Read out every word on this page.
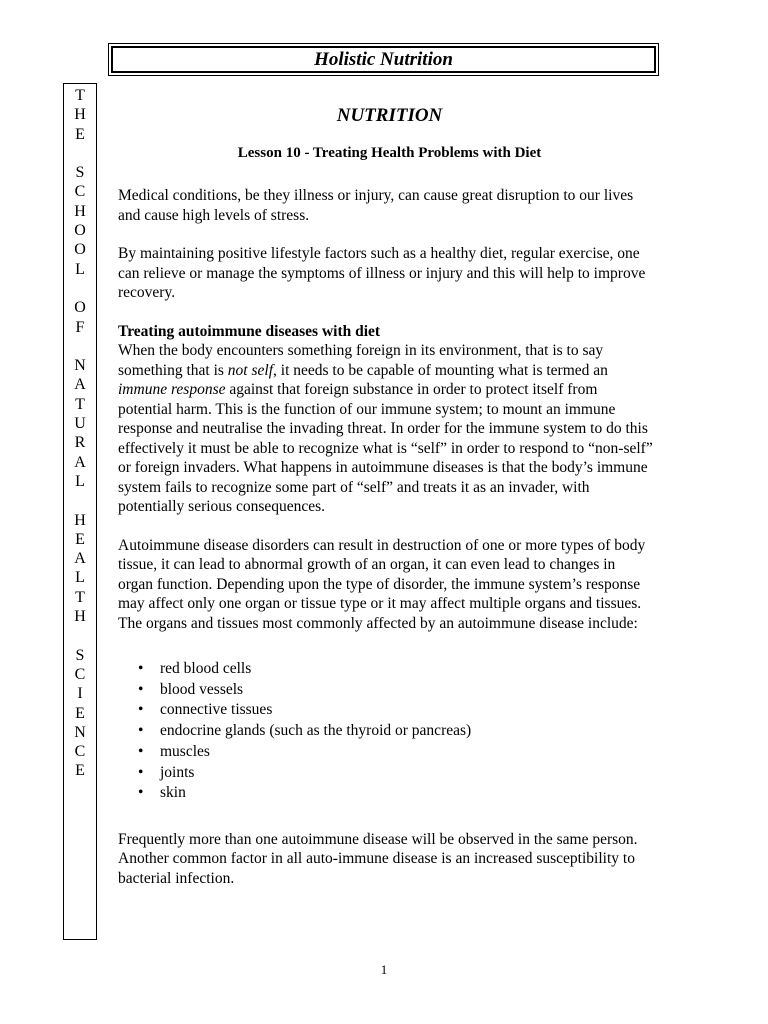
Holistic Nutrition
T
H
E
S
C
H
O
O
L
O
F
N
A
T
U
R
A
L
H
E
A
L
T
H
S
C
I
E
N
C
E
NUTRITION
Lesson 10 - Treating Health Problems with Diet

Medical conditions, be they illness or injury, can cause great disruption to our lives and cause high levels of stress.

By maintaining positive lifestyle factors such as a healthy diet, regular exercise, one can relieve or manage the symptoms of illness or injury and this will help to improve recovery.

Treating autoimmune diseases with diet

When the body encounters something foreign in its environment, that is to say something that is not self, it needs to be capable of mounting what is termed an immune response against that foreign substance in order to protect itself from potential harm. This is the function of our immune system; to mount an immune response and neutralise the invading threat. In order for the immune system to do this effectively it must be able to recognize what is “self” in order to respond to “non-self” or foreign invaders. What happens in autoimmune diseases is that the body’s immune system fails to recognize some part of “self” and treats it as an invader, with potentially serious consequences.

Autoimmune disease disorders can result in destruction of one or more types of body tissue, it can lead to abnormal growth of an organ, it can even lead to changes in organ function. Depending upon the type of disorder, the immune system’s response may affect only one organ or tissue type or it may affect multiple organs and tissues. The organs and tissues most commonly affected by an autoimmune disease include:

• red blood cells
• blood vessels
• connective tissues
• endocrine glands (such as the thyroid or pancreas)
• muscles
• joints
• skin

Frequently more than one autoimmune disease will be observed in the same person. Another common factor in all auto-immune disease is an increased susceptibility to bacterial infection.

1
